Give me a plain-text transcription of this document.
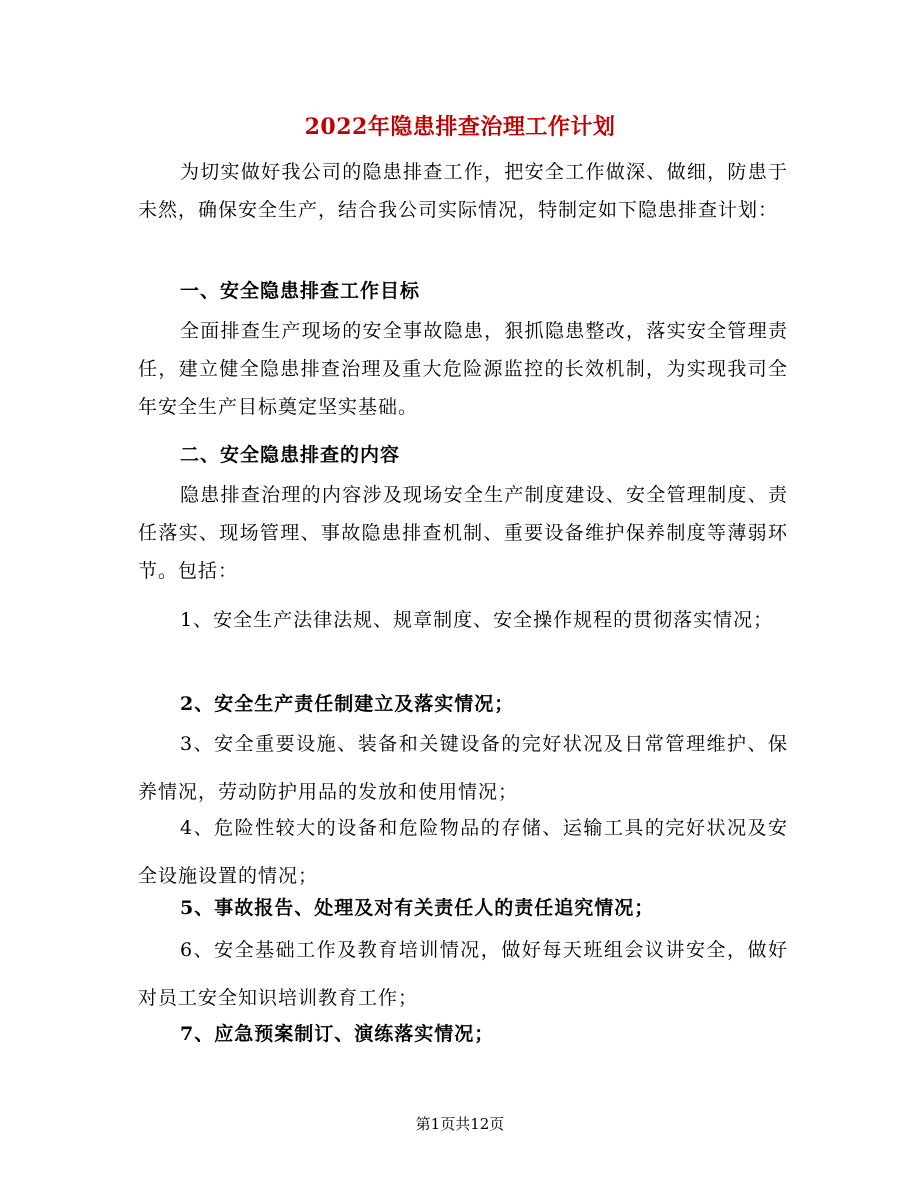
2022年隐患排查治理工作计划
为切实做好我公司的隐患排查工作，把安全工作做深、做细，防患于未然，确保安全生产，结合我公司实际情况，特制定如下隐患排查计划：
一、安全隐患排查工作目标
全面排查生产现场的安全事故隐患，狠抓隐患整改，落实安全管理责任，建立健全隐患排查治理及重大危险源监控的长效机制，为实现我司全年安全生产目标奠定坚实基础。
二、安全隐患排查的内容
隐患排查治理的内容涉及现场安全生产制度建设、安全管理制度、责任落实、现场管理、事故隐患排查机制、重要设备维护保养制度等薄弱环节。包括：
1、安全生产法律法规、规章制度、安全操作规程的贯彻落实情况；
2、安全生产责任制建立及落实情况；
3、安全重要设施、装备和关键设备的完好状况及日常管理维护、保养情况，劳动防护用品的发放和使用情况；
4、危险性较大的设备和危险物品的存储、运输工具的完好状况及安全设施设置的情况；
5、事故报告、处理及对有关责任人的责任追究情况；
6、安全基础工作及教育培训情况，做好每天班组会议讲安全，做好对员工安全知识培训教育工作；
7、应急预案制订、演练落实情况；
第1页共12页
